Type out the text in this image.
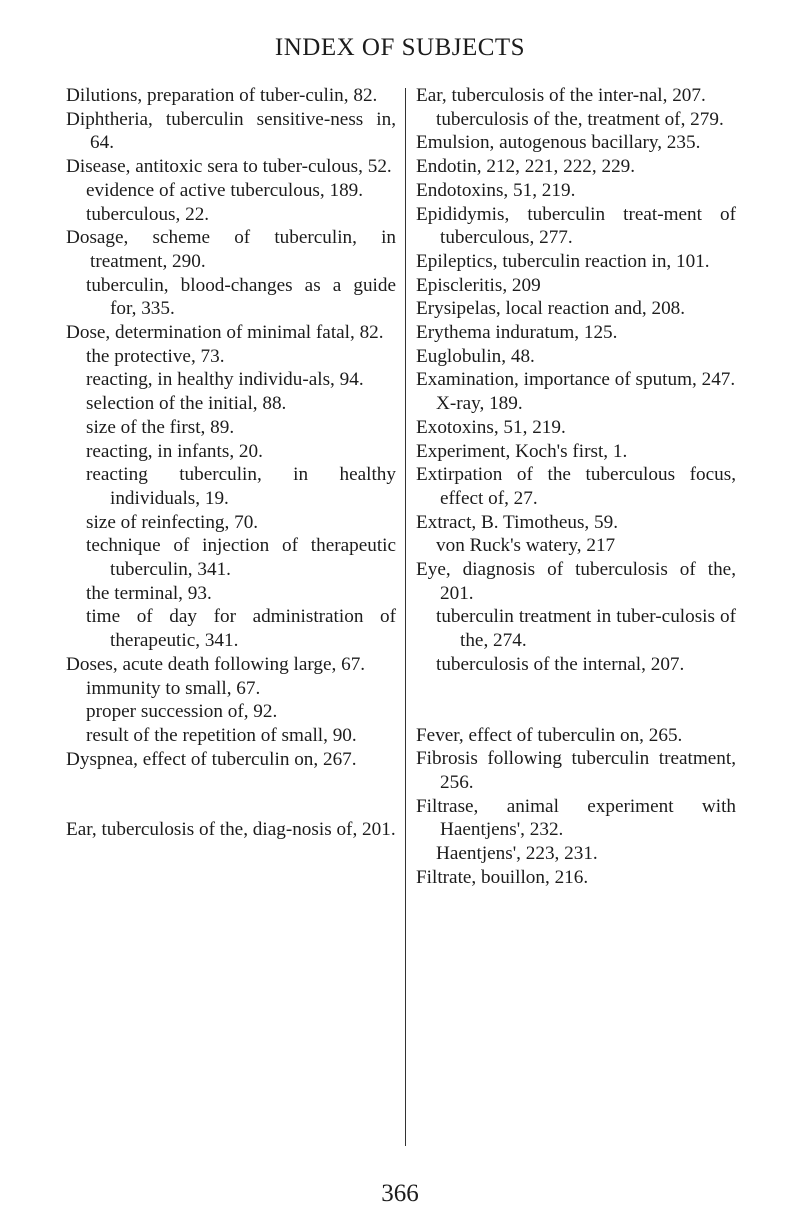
INDEX OF SUBJECTS

Dilutions, preparation of tuber-culin, 82.

Diphtheria, tuberculin sensitive-ness in, 64.

Disease, antitoxic sera to tuber-culous, 52.

evidence of active tuberculous, 189.

tuberculous, 22.

Dosage, scheme of tuberculin, in treatment, 290.

tuberculin, blood-changes as a guide for, 335.

Dose, determination of minimal fatal, 82.

the protective, 73.

reacting, in healthy individu-als, 94.

selection of the initial, 88.

size of the first, 89.

reacting, in infants, 20.

reacting tuberculin, in healthy individuals, 19.

size of reinfecting, 70.

technique of injection of therapeutic tuberculin, 341.

the terminal, 93.

time of day for administration of therapeutic, 341.

Doses, acute death following large, 67.

immunity to small, 67.

proper succession of, 92.

result of the repetition of small, 90.

Dyspnea, effect of tuberculin on, 267.

Ear, tuberculosis of the, diag-nosis of, 201.

Ear, tuberculosis of the inter-nal, 207.

tuberculosis of the, treatment of, 279.

Emulsion, autogenous bacillary, 235.

Endotin, 212, 221, 222, 229.

Endotoxins, 51, 219.

Epididymis, tuberculin treat-ment of tuberculous, 277.

Epileptics, tuberculin reaction in, 101.

Episcleritis, 209

Erysipelas, local reaction and, 208.

Erythema induratum, 125.

Euglobulin, 48.

Examination, importance of sputum, 247.

X-ray, 189.

Exotoxins, 51, 219.

Experiment, Koch's first, 1.

Extirpation of the tuberculous focus, effect of, 27.

Extract, B. Timotheus, 59.

von Ruck's watery, 217

Eye, diagnosis of tuberculosis of the, 201.

tuberculin treatment in tuber-culosis of the, 274.

tuberculosis of the internal, 207.

Fever, effect of tuberculin on, 265.

Fibrosis following tuberculin treatment, 256.

Filtrase, animal experiment with Haentjens', 232.

Haentjens', 223, 231.

Filtrate, bouillon, 216.

366
